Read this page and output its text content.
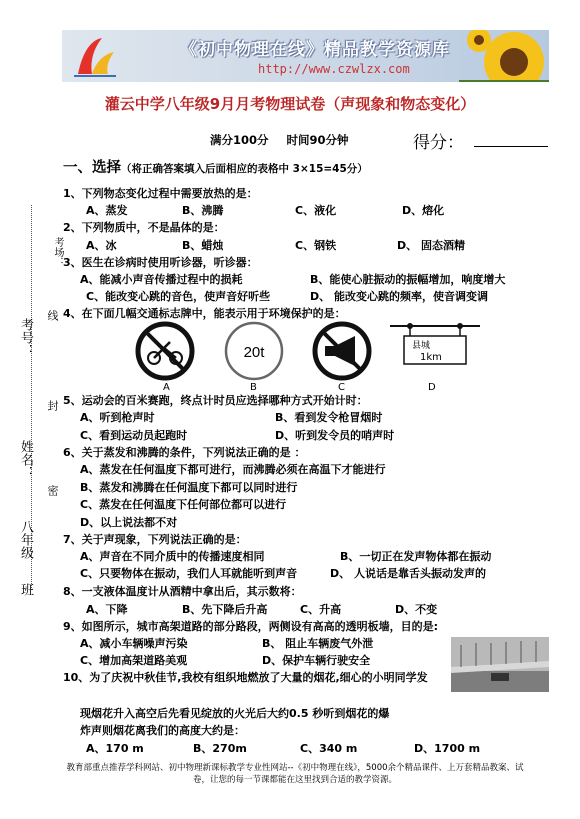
《初中物理在线》精品教学资源库
http://www.czwlzx.com
灌云中学八年级9月月考物理试卷（声现象和物态变化）
满分100分 时间90分钟	得分：
一、选择（将正确答案填入后面相应的表格中 3×15=45分）
考场：
考号：
姓名：
八年级
班
线
封
密
1、下列物态变化过程中需要放热的是：
A、蒸发	B、沸腾	C、液化	D、熔化
2、下列物质中，不是晶体的是：
A、冰	B、蜡烛	C、钢铁	D、 固态酒精
3、医生在诊病时使用听诊器，听诊器：
A、能减小声音传播过程中的损耗	B、能使心脏振动的振幅增加，响度增大
C、能改变心跳的音色，使声音好听些	D、 能改变心跳的频率，使音调变调
4、在下面几幅交通标志牌中，能表示用于环境保护的是：
20t	县城
1km
A	B	C	D
5、运动会的百米赛跑，终点计时员应选择哪种方式开始计时：
A、听到枪声时	B、看到发令枪冒烟时
C、看到运动员起跑时	D、听到发令员的哨声时
6、关于蒸发和沸腾的条件，下列说法正确的是 ：
A、蒸发在任何温度下都可进行，而沸腾必须在高温下才能进行
B、蒸发和沸腾在任何温度下都可以同时进行
C、蒸发在任何温度下任何部位都可以进行
D、以上说法都不对
7、关于声现象，下列说法正确的是：
A、声音在不同介质中的传播速度相同	B、一切正在发声物体都在振动
C、只要物体在振动，我们人耳就能听到声音	D、 人说话是靠舌头振动发声的
8、一支液体温度计从酒精中拿出后，其示数将：
A、下降	B、先下降后升高	C、升高	D、不变
9、如图所示，城市高架道路的部分路段，两侧设有高高的透明板墙，目的是:
A、减小车辆噪声污染	B、 阻止车辆废气外泄
C、增加高架道路美观	D、保护车辆行驶安全
10、为了庆祝中秋佳节,我校有组织地燃放了大量的烟花,细心的小明同学发
现烟花升入高空后先看见绽放的火光后大约0.5 秒听到烟花的爆
炸声则烟花离我们的高度大约是：
A、170 m	B、270m	C、340 m	D、1700 m
教育部重点推荐学科网站、初中物理新课标教学专业性网站--《初中物理在线》，5000余个精品课件、上万套精品教案、试卷，让您的每一节课都能在这里找到合适的教学资源。
